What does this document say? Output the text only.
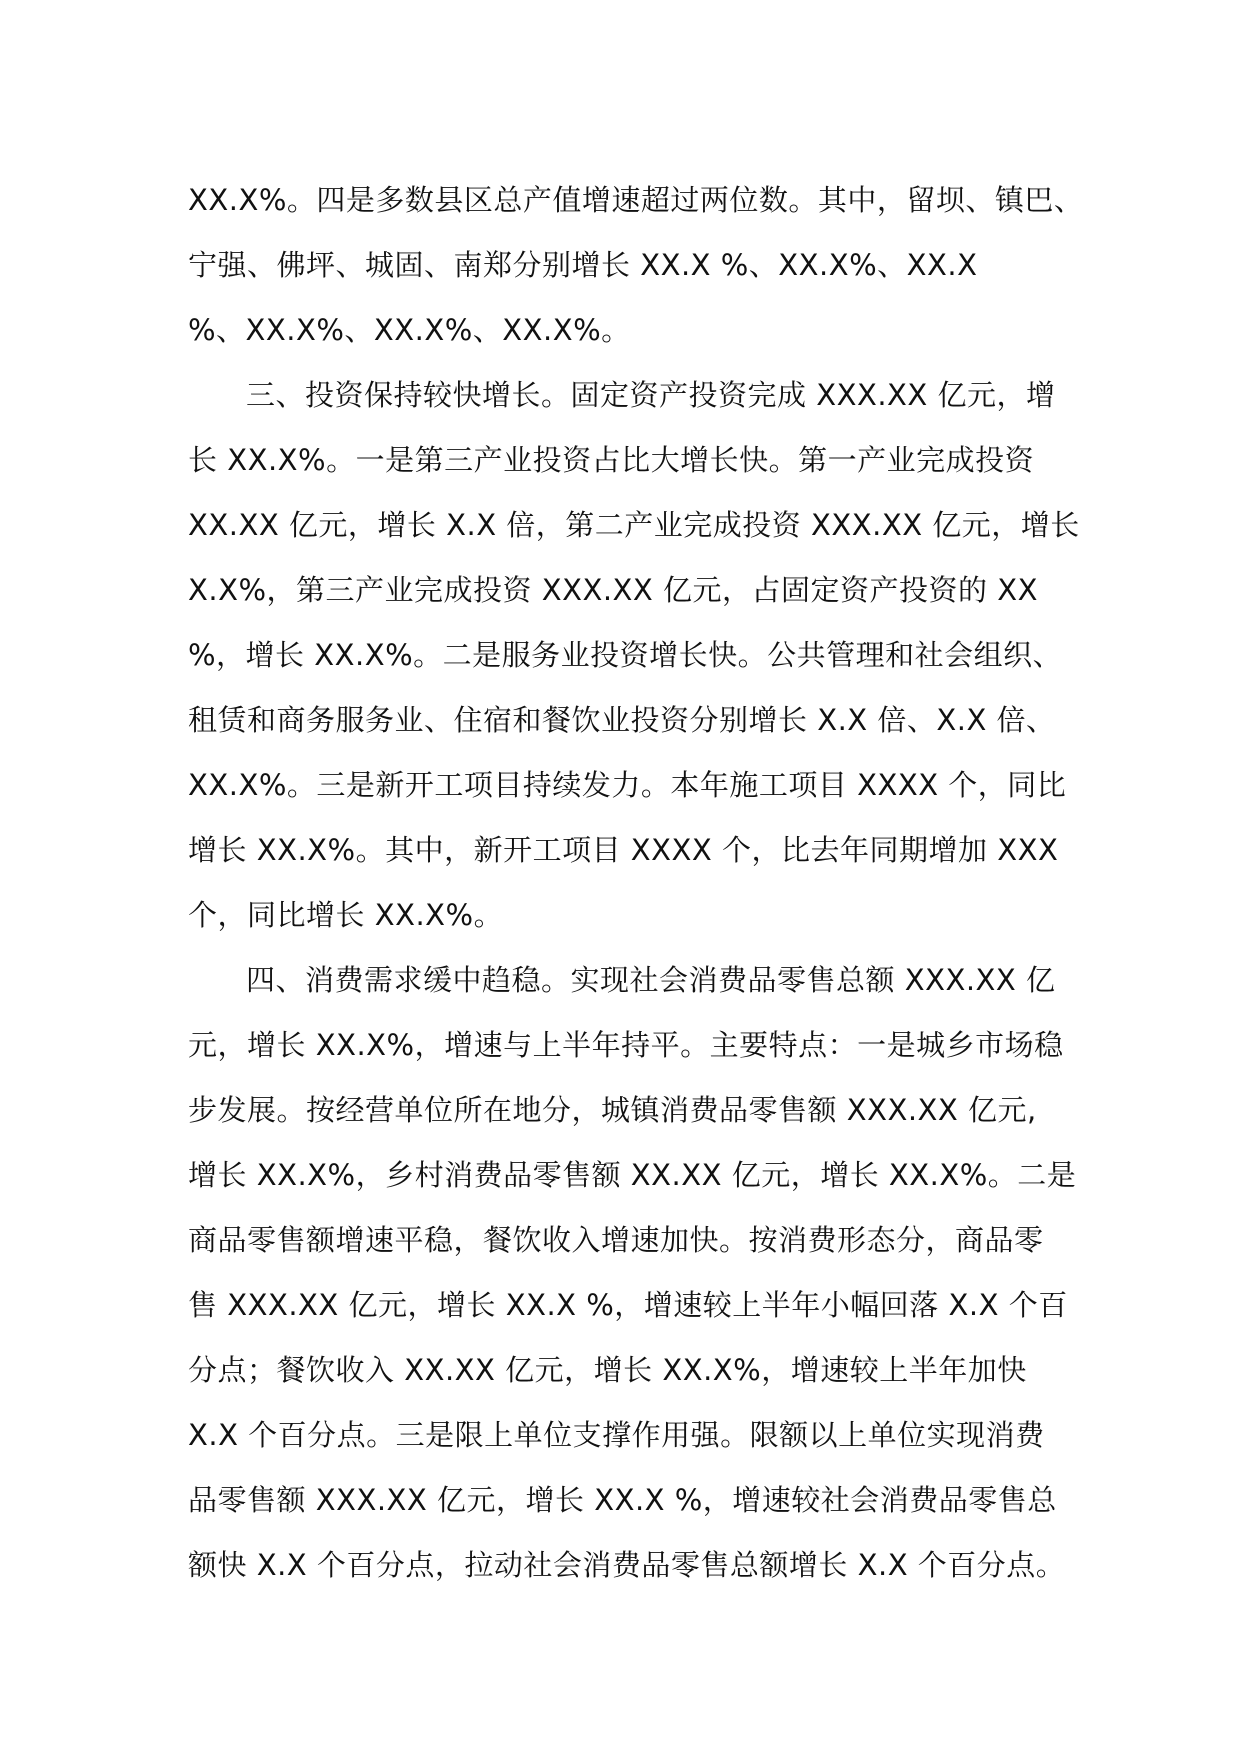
XX.X%。四是多数县区总产值增速超过两位数。其中，留坝、镇巴、
宁强、佛坪、城固、南郑分别增长 XX.X %、XX.X%、XX.X
%、XX.X%、XX.X%、XX.X%。
三、投资保持较快增长。固定资产投资完成 XXX.XX 亿元，增
长 XX.X%。一是第三产业投资占比大增长快。第一产业完成投资
XX.XX 亿元，增长 X.X 倍，第二产业完成投资 XXX.XX 亿元，增长
X.X%，第三产业完成投资 XXX.XX 亿元，占固定资产投资的 XX
%，增长 XX.X%。二是服务业投资增长快。公共管理和社会组织、
租赁和商务服务业、住宿和餐饮业投资分别增长 X.X 倍、X.X 倍、
XX.X%。三是新开工项目持续发力。本年施工项目 XXXX 个，同比
增长 XX.X%。其中，新开工项目 XXXX 个，比去年同期增加 XXX
个，同比增长 XX.X%。
四、消费需求缓中趋稳。实现社会消费品零售总额 XXX.XX 亿
元，增长 XX.X%，增速与上半年持平。主要特点：一是城乡市场稳
步发展。按经营单位所在地分，城镇消费品零售额 XXX.XX 亿元,
增长 XX.X%，乡村消费品零售额 XX.XX 亿元，增长 XX.X%。二是
商品零售额增速平稳，餐饮收入增速加快。按消费形态分，商品零
售 XXX.XX 亿元，增长 XX.X %，增速较上半年小幅回落 X.X 个百
分点；餐饮收入 XX.XX 亿元，增长 XX.X%，增速较上半年加快
X.X 个百分点。三是限上单位支撑作用强。限额以上单位实现消费
品零售额 XXX.XX 亿元，增长 XX.X %，增速较社会消费品零售总
额快 X.X 个百分点，拉动社会消费品零售总额增长 X.X 个百分点。
